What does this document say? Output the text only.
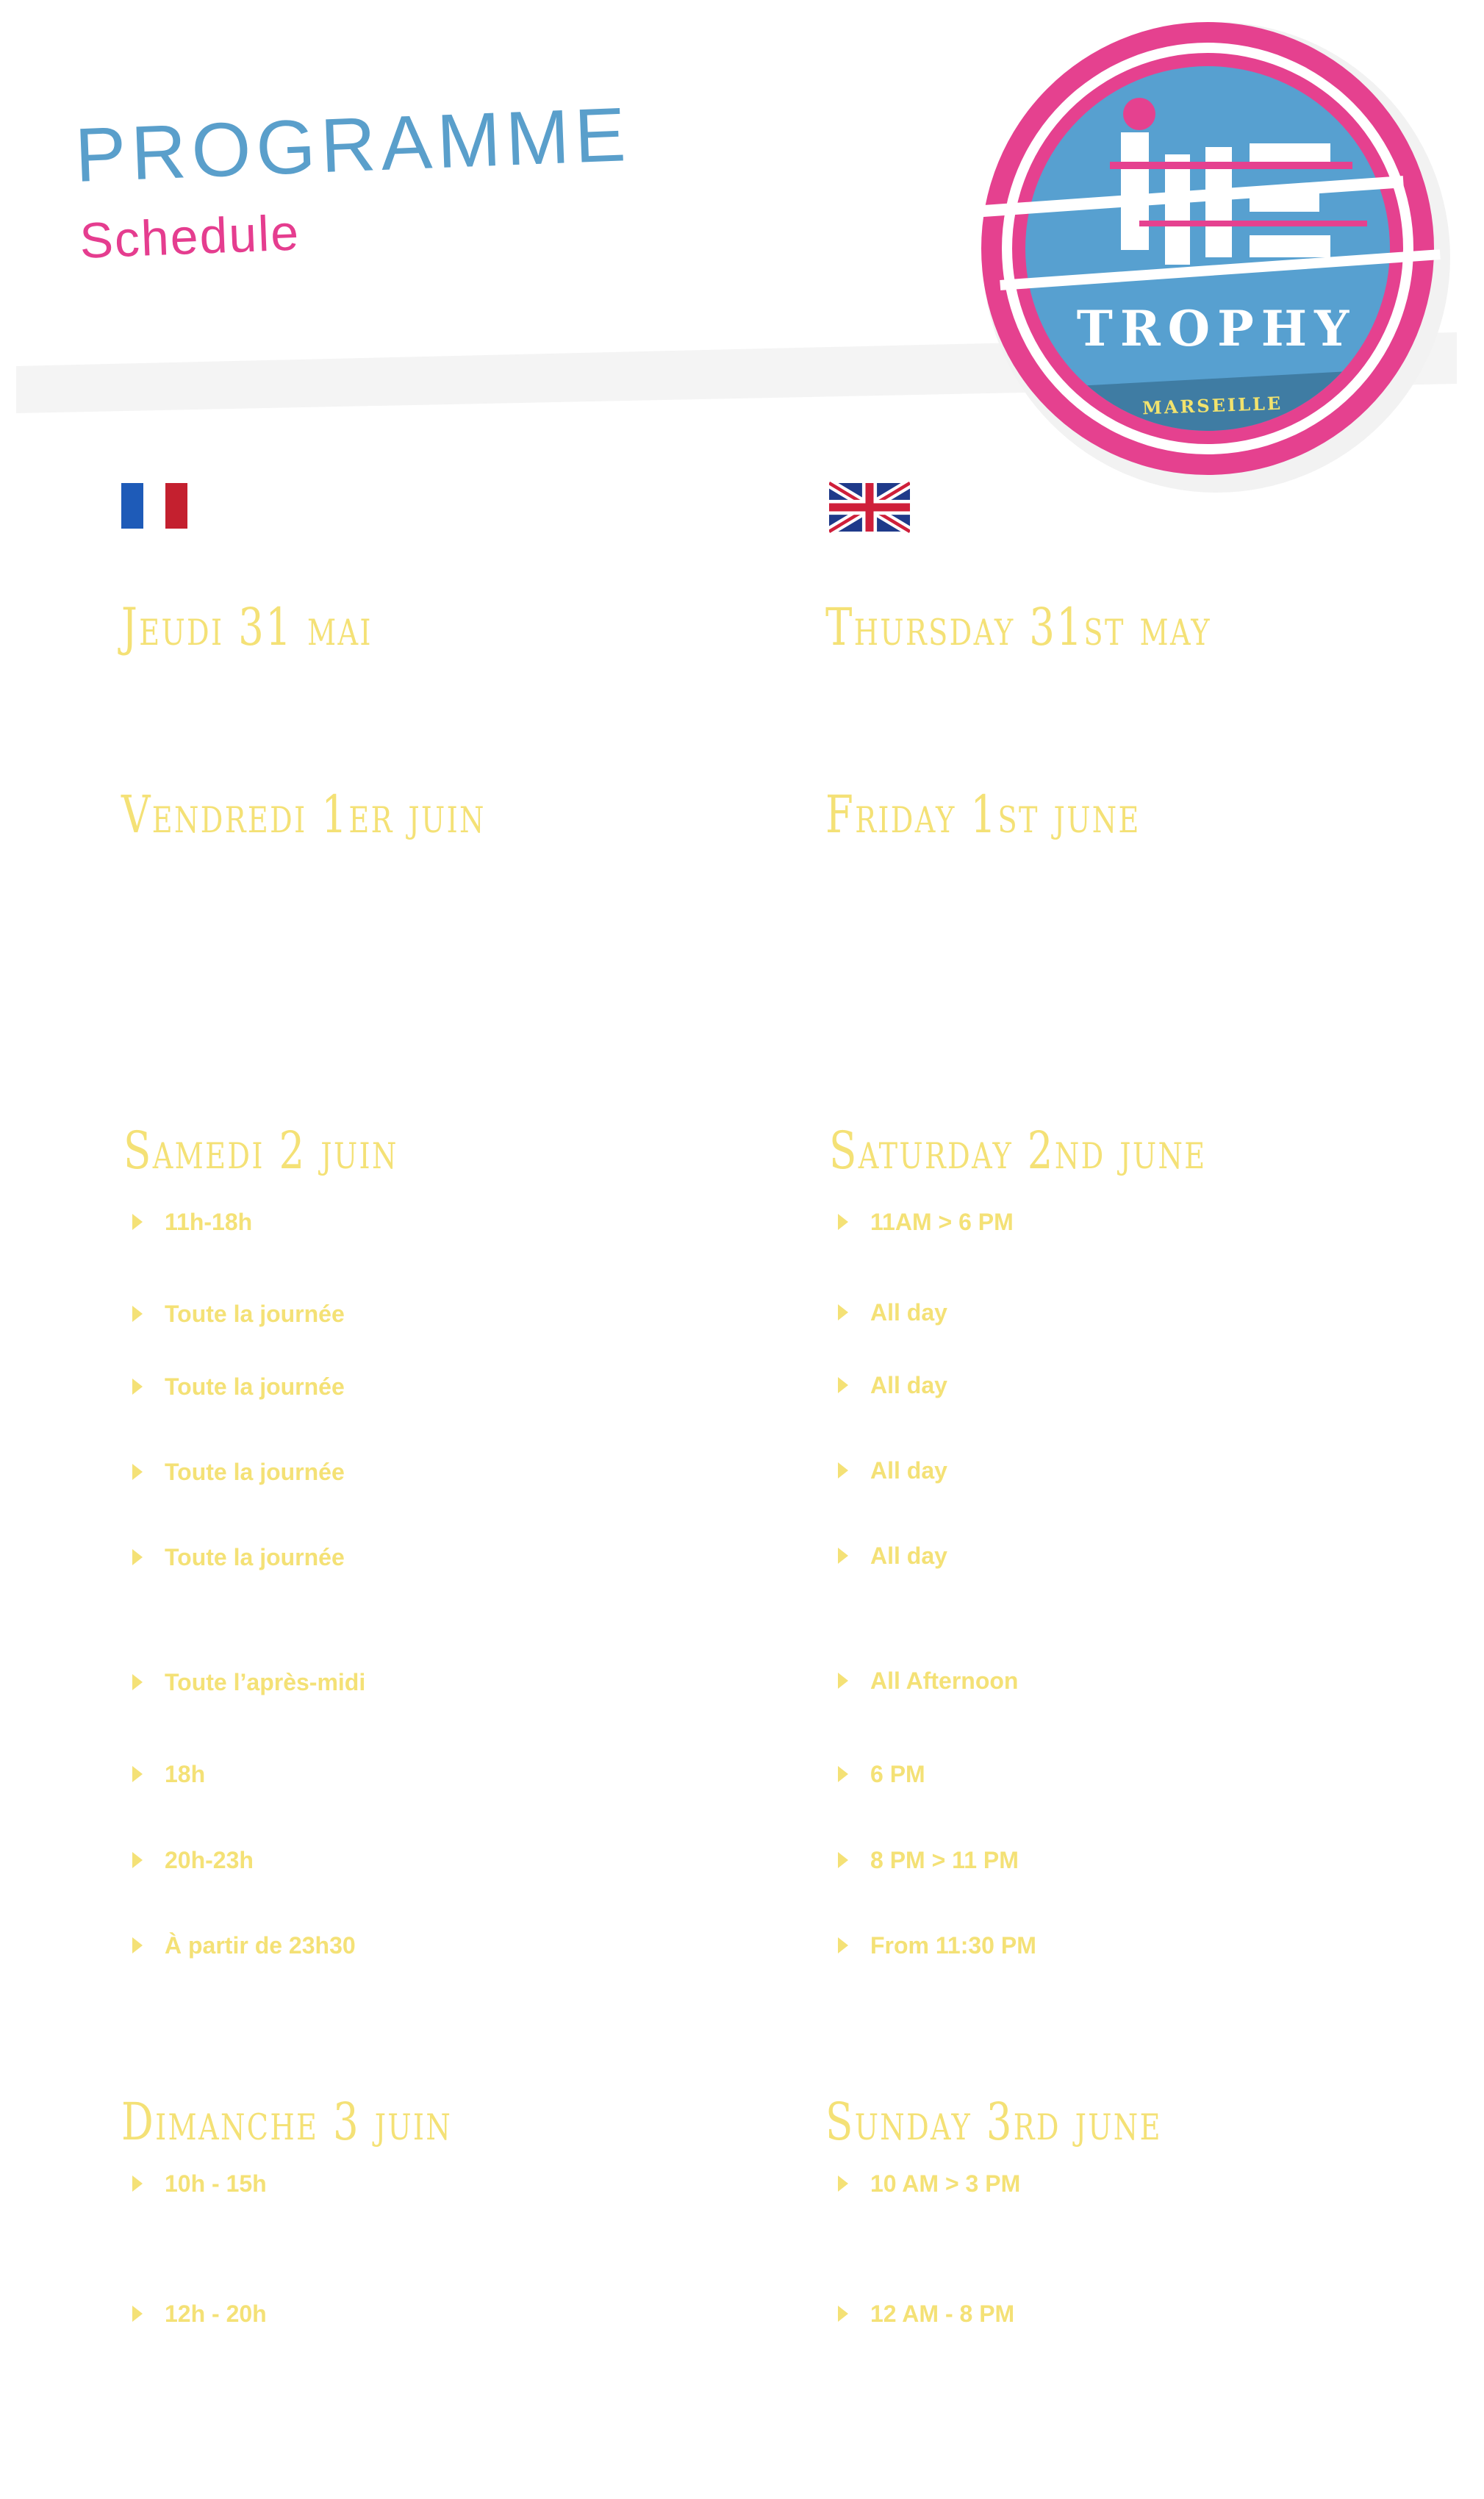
PROGRAMME
Schedule
TROPHY
MARSEILLE
Jeudi 31 mai
Vendredi 1er juin
Samedi 2 juin
11h-18h
Toute la journée
Toute la journée
Toute la journée
Toute la journée
Toute l’après-midi
18h
20h-23h
À partir de 23h30
Dimanche 3 juin
10h - 15h
12h - 20h
Thursday 31st may
Friday 1st june
Saturday 2nd june
11AM > 6 PM
All day
All day
All day
All day
All Afternoon
6 PM
8 PM > 11 PM
From 11:30 PM
Sunday 3rd june
10 AM > 3 PM
12 AM - 8 PM
